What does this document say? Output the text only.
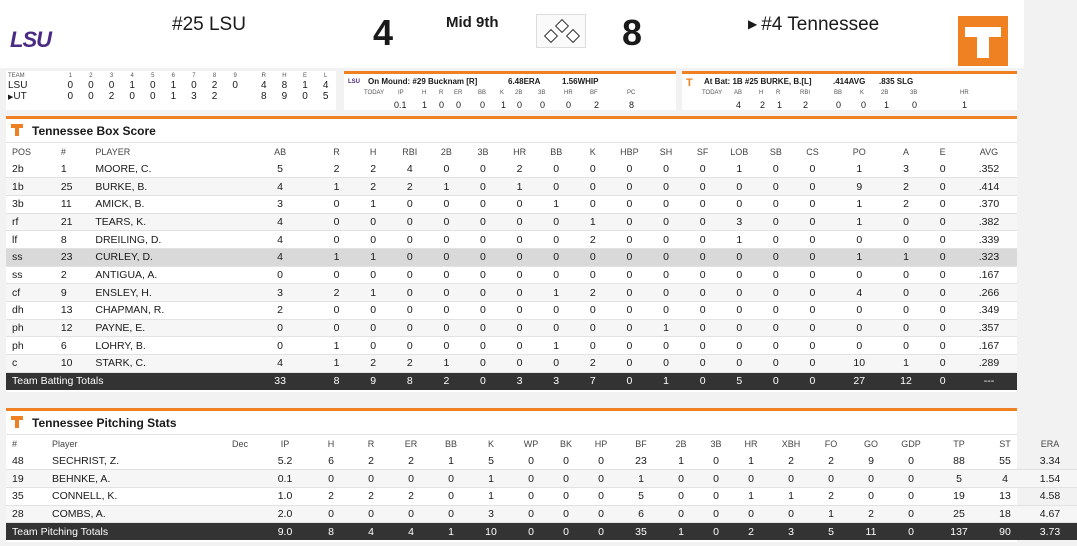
LSU
#25 LSU	4	Mid 9th	8	▶ #4 Tennessee
TEAM	1	2	3	4	5	6	7	8	9		R	H	E	L
LSU	0	0	0	1	0	1	0	2	0		4	8	1	4
▶UT	0	0	2	0	0	1	3	2			8	9	0	5
LSU On Mound: #29 Bucknam [R]	6.48ERA	1.56WHIP
TODAY IP	H R ER	BB K 2B	3B	HR	BF	PC
0.1 1 0 0 0 1 0 0 0	2	8
T At Bat: 1B #25 BURKE, B.[L]	.414AVG .835 SLG
TODAY AB	H R	RBI	BB	K	2B	3B	HR
4 2 1 2	0 0 1	0	1
Tennessee Box Score
POS	#	PLAYER	AB	R	H	RBI	2B	3B	HR	BB	K	HBP	SH	SF	LOB	SB	CS	PO	A	E	AVG
2b	1	MOORE, C.	5	2	2	4	0	0	2	0	0	0	0	0	1	0	0	1	3	0	.352
1b	25	BURKE, B.	4	1	2	2	1	0	1	0	0	0	0	0	0	0	0	9	2	0	.414
3b	11	AMICK, B.	3	0	1	0	0	0	0	1	0	0	0	0	0	0	0	1	2	0	.370
rf	21	TEARS, K.	4	0	0	0	0	0	0	0	1	0	0	0	3	0	0	1	0	0	.382
lf	8	DREILING, D.	4	0	0	0	0	0	0	0	2	0	0	0	1	0	0	0	0	0	.339
ss	23	CURLEY, D.	4	1	1	0	0	0	0	0	0	0	0	0	0	0	0	1	1	0	.323
ss	2	ANTIGUA, A.	0	0	0	0	0	0	0	0	0	0	0	0	0	0	0	0	0	0	.167
cf	9	ENSLEY, H.	3	2	1	0	0	0	0	1	2	0	0	0	0	0	0	4	0	0	.266
dh	13	CHAPMAN, R.	2	0	0	0	0	0	0	0	0	0	0	0	0	0	0	0	0	0	.349
ph	12	PAYNE, E.	0	0	0	0	0	0	0	0	0	0	1	0	0	0	0	0	0	0	.357
ph	6	LOHRY, B.	0	1	0	0	0	0	0	1	0	0	0	0	0	0	0	0	0	0	.167
c	10	STARK, C.	4	1	2	2	1	0	0	0	2	0	0	0	0	0	0	10	1	0	.289
Team Batting Totals			33	8	9	8	2	0	3	3	7	0	1	0	5	0	0	27	12	0	---
Tennessee Pitching Stats
#	Player	Dec	IP	H	R	ER	BB	K	WP	BK	HP	BF	2B	3B	HR	XBH	FO	GO	GDP	TP	ST	ERA
48	SECHRIST, Z.		5.2	6	2	2	1	5	0	0	0	23	1	0	1	2	2	9	0	88	55	3.34
19	BEHNKE, A.		0.1	0	0	0	0	1	0	0	0	1	0	0	0	0	0	0	0	5	4	1.54
35	CONNELL, K.		1.0	2	2	2	0	1	0	0	0	5	0	0	1	1	2	0	0	19	13	4.58
28	COMBS, A.		2.0	0	0	0	0	3	0	0	0	6	0	0	0	0	1	2	0	25	18	4.67
Team Pitching Totals			9.0	8	4	4	1	10	0	0	0	35	1	0	2	3	5	11	0	137	90	3.73
